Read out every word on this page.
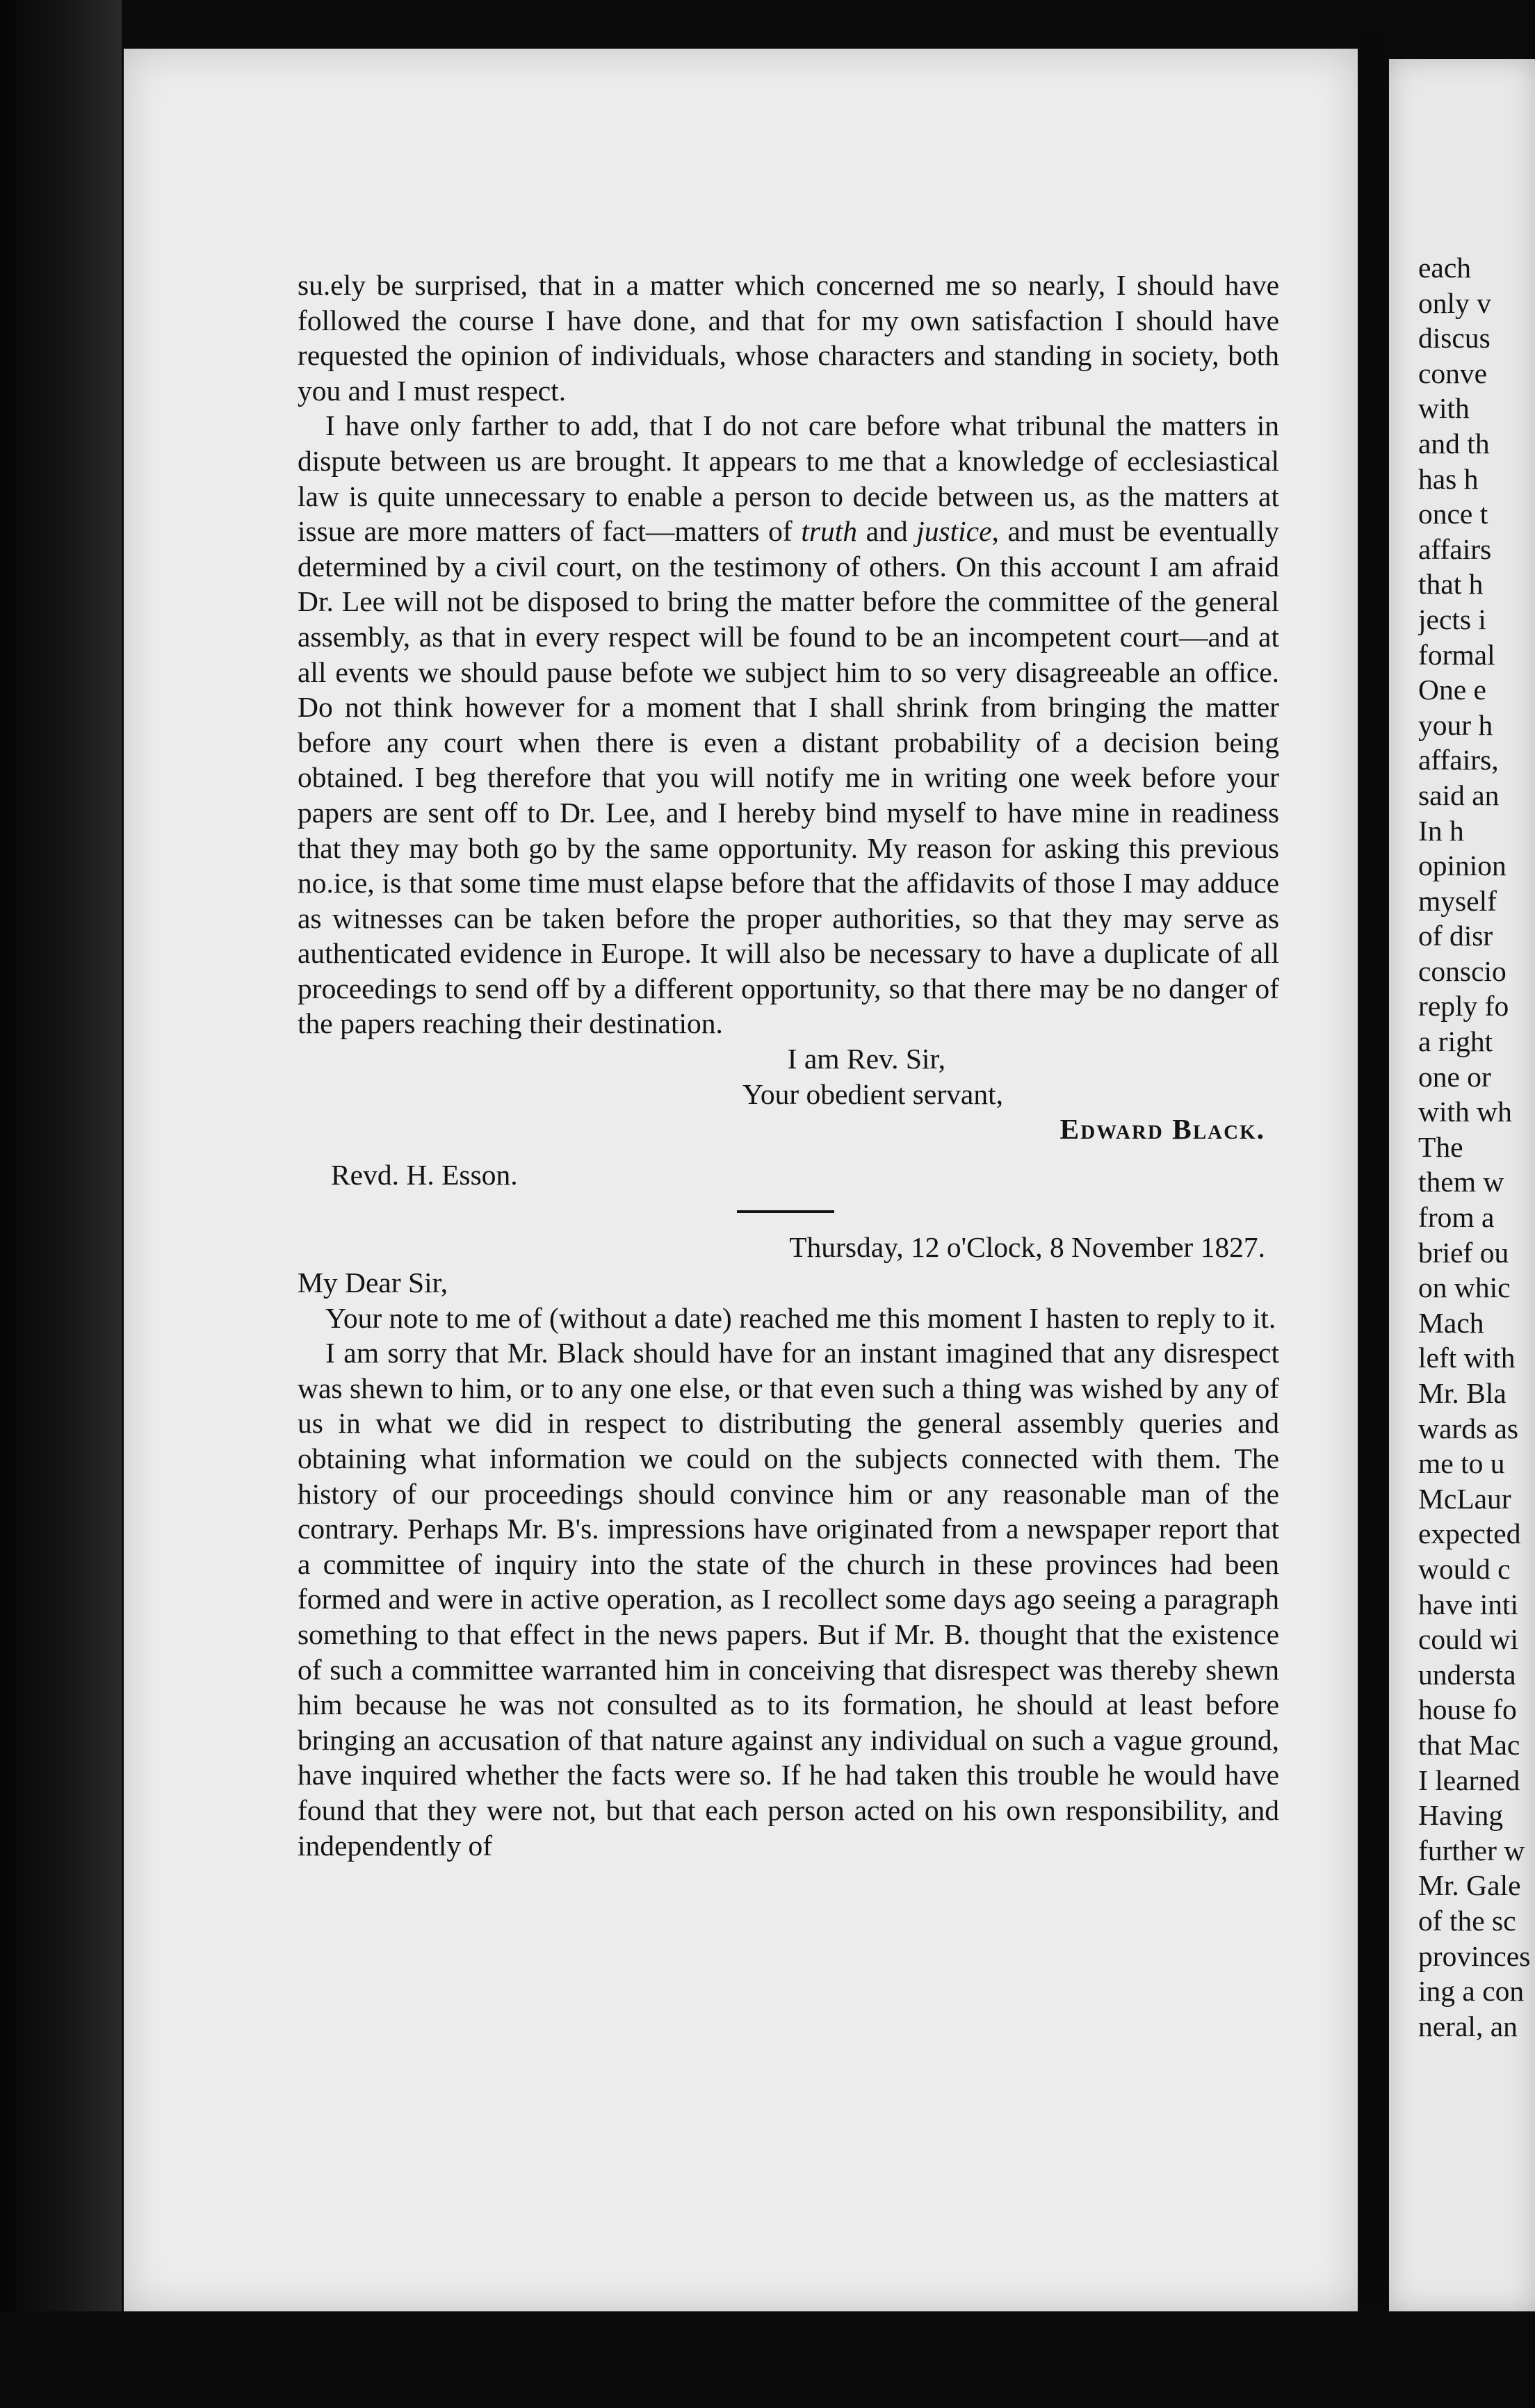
su.ely be surprised, that in a matter which concerned me so nearly, I should have followed the course I have done, and that for my own satisfaction I should have requested the opinion of individuals, whose characters and standing in society, both you and I must respect.

I have only farther to add, that I do not care before what tribunal the matters in dispute between us are brought. It appears to me that a knowledge of ecclesiastical law is quite unnecessary to enable a person to decide between us, as the matters at issue are more matters of fact—matters of truth and justice, and must be eventually determined by a civil court, on the testimony of others. On this account I am afraid Dr. Lee will not be disposed to bring the matter before the committee of the general assembly, as that in every respect will be found to be an incompetent court—and at all events we should pause befote we subject him to so very disagreeable an office. Do not think however for a moment that I shall shrink from bringing the matter before any court when there is even a distant probability of a decision being obtained. I beg therefore that you will notify me in writing one week before your papers are sent off to Dr. Lee, and I hereby bind myself to have mine in readiness that they may both go by the same opportunity. My reason for asking this previous no.ice, is that some time must elapse before that the affidavits of those I may adduce as witnesses can be taken before the proper authorities, so that they may serve as authenticated evidence in Europe. It will also be necessary to have a duplicate of all proceedings to send off by a different opportunity, so that there may be no danger of the papers reaching their destination.

I am Rev. Sir,
Your obedient servant,
Edward Black.

Revd. H. Esson.

Thursday, 12 o'Clock, 8 November 1827.

My Dear Sir,

Your note to me of (without a date) reached me this moment I hasten to reply to it.

I am sorry that Mr. Black should have for an instant imagined that any disrespect was shewn to him, or to any one else, or that even such a thing was wished by any of us in what we did in respect to distributing the general assembly queries and obtaining what information we could on the subjects connected with them. The history of our proceedings should convince him or any reasonable man of the contrary. Perhaps Mr. B's. impressions have originated from a newspaper report that a committee of inquiry into the state of the church in these provinces had been formed and were in active operation, as I recollect some days ago seeing a paragraph something to that effect in the news papers. But if Mr. B. thought that the existence of such a committee warranted him in conceiving that disrespect was thereby shewn him because he was not consulted as to its formation, he should at least before bringing an accusation of that nature against any individual on such a vague ground, have inquired whether the facts were so. If he had taken this trouble he would have found that they were not, but that each person acted on his own responsibility, and independently of

each
only v
discus
conve
with
and th
has h
once t
affairs
that h
jects i
formal
One e
your h
affairs,
said an
In h
opinion
myself
of disr
conscio
reply fo
a right
one or
with wh
The
them w
from a
brief ou
on whic
Mach
left with
Mr. Bla
wards as
me to u
McLaur
expected
would c
have inti
could wi
understa
house fo
that Mac
I learned
Having
further w
Mr. Gale
of the sc
provinces
ing a con
neral, an
